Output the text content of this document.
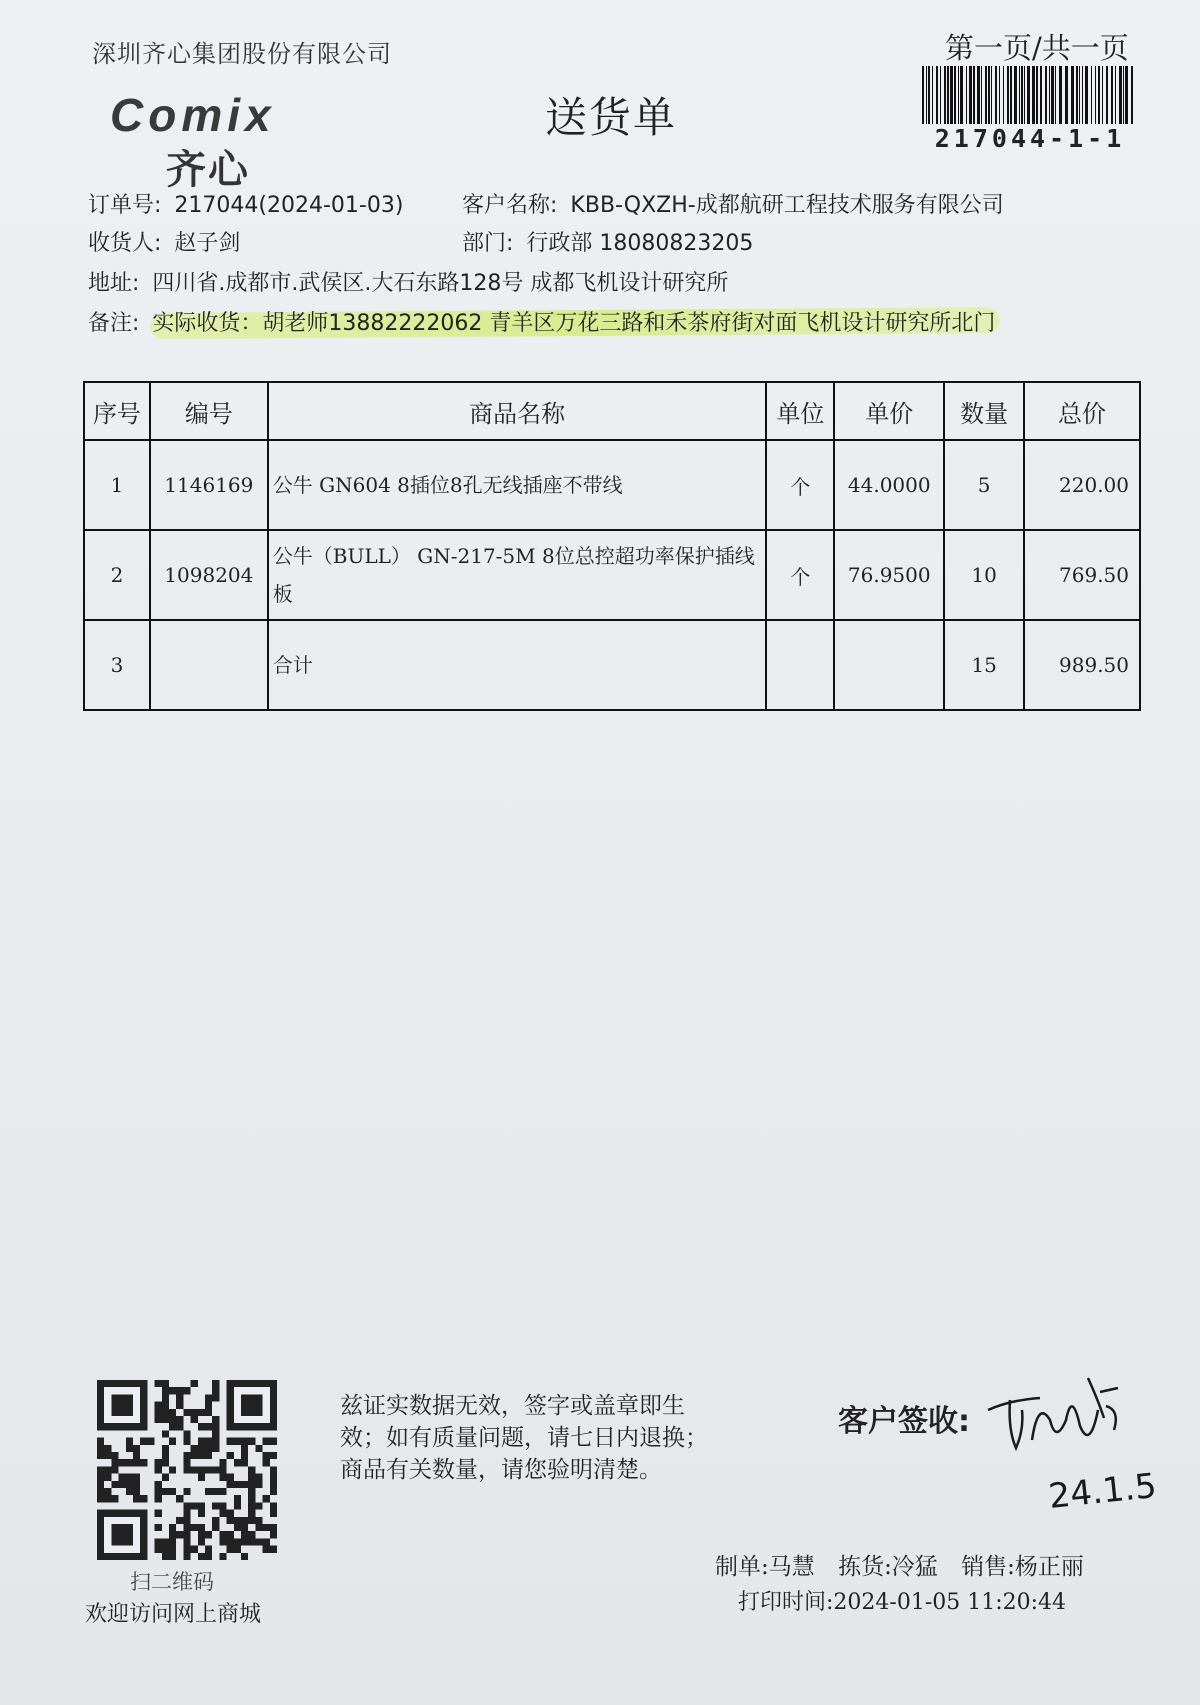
深圳齐心集团股份有限公司	第一页/共一页
217044-1-1
Comix
齐心
送货单
订单号: 217044(2024-01-03)	客户名称: KBB-QXZH-成都航研工程技术服务有限公司
收货人: 赵子剑	部门: 行政部 18080823205
地址: 四川省.成都市.武侯区.大石东路128号 成都飞机设计研究所
备注: 实际收货：胡老师13882222062 青羊区万花三路和禾茶府街对面飞机设计研究所北门
序号	编号	商品名称	单位	单价	数量	总价
1	1146169	公牛 GN604 8插位8孔无线插座不带线	个	44.0000	5	220.00
2	1098204	公牛（BULL） GN-217-5M 8位总控超功率保护插线板	个	76.9500	10	769.50
3		合计			15	989.50
扫二维码
欢迎访问网上商城
兹证实数据无效，签字或盖章即生
效；如有质量问题，请七日内退换；
商品有关数量，请您验明清楚。
客户签收:
24.1.5
制单:马慧 拣货:冷猛 销售:杨正丽
打印时间:2024-01-05 11:20:44
